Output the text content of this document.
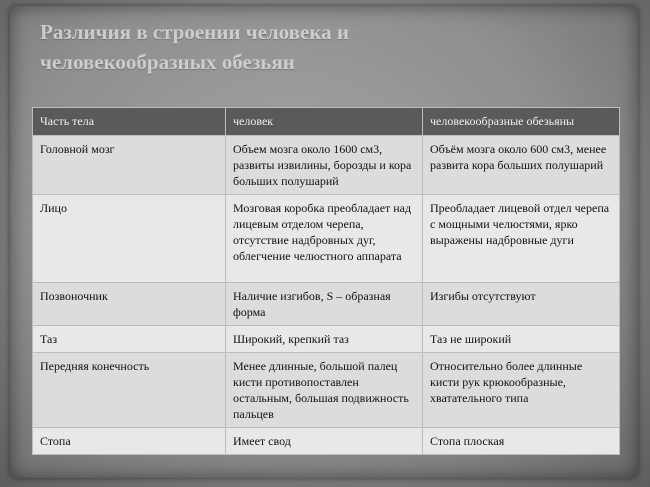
Различия в строении человека и человекообразных обезьян
Часть тела	человек	человекообразные обезьяны
Головной мозг	Объем мозга около 1600 см3, развиты извилины, борозды и кора больших полушарий	Объём мозга около 600 см3, менее развита кора больших полушарий
Лицо	Мозговая коробка преобладает над лицевым отделом черепа, отсутствие надбровных дуг, облегчение челюстного аппарата	Преобладает лицевой отдел черепа с мощными челюстями, ярко выражены надбровные дуги
Позвоночник	Наличие изгибов, S – образная форма	Изгибы отсутствуют
Таз	Широкий, крепкий таз	Таз не широкий
Передняя конечность	Менее длинные, большой палец кисти противопоставлен остальным, большая подвижность пальцев	Относительно более длинные кисти рук крюкообразные, хватательного типа
Стопа	Имеет свод	Стопа плоская
